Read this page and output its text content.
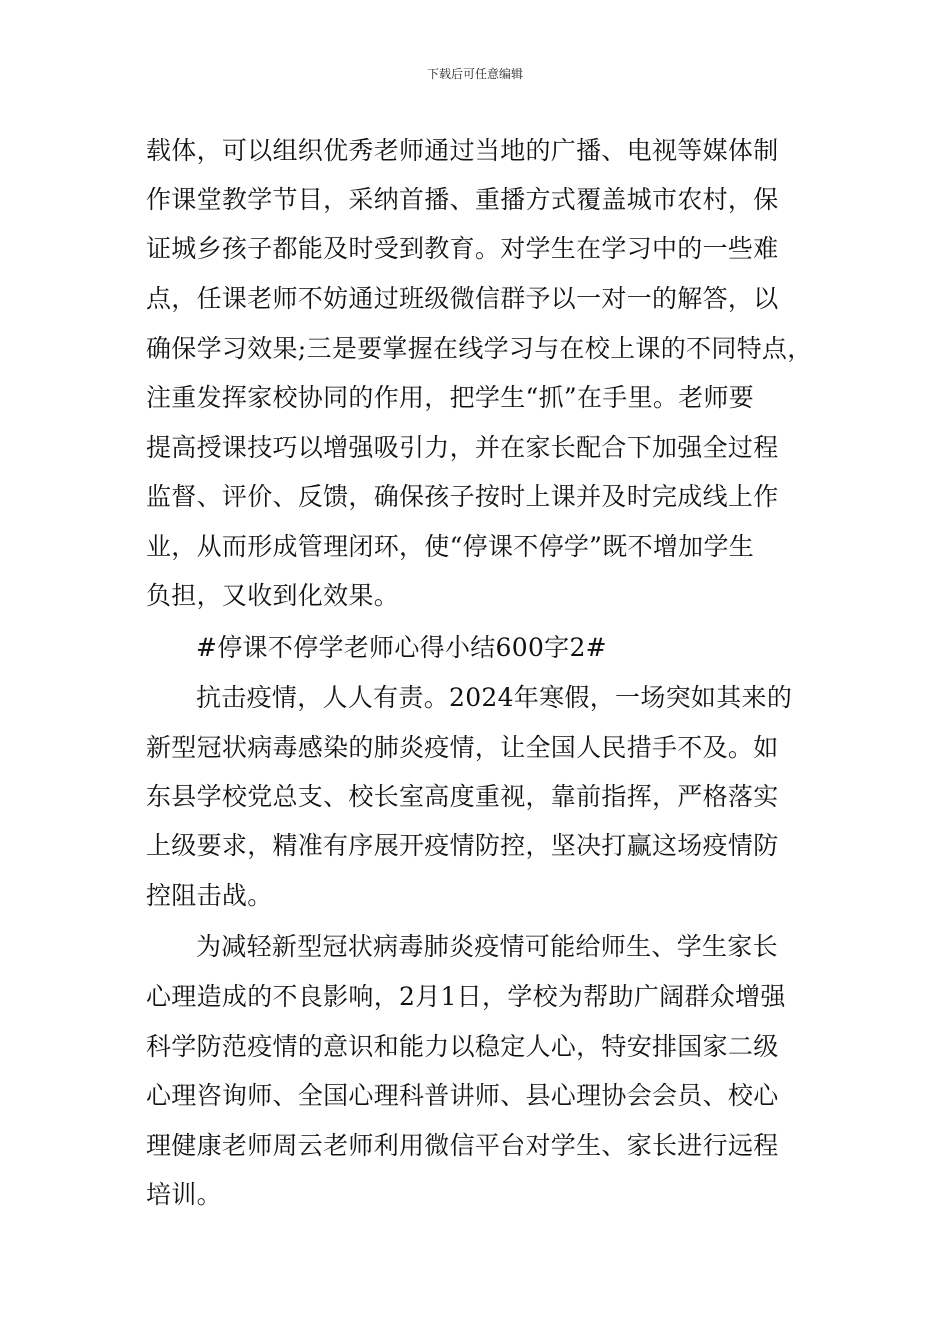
下载后可任意编辑
载体，可以组织优秀老师通过当地的广播、电视等媒体制
作课堂教学节目，采纳首播、重播方式覆盖城市农村，保
证城乡孩子都能及时受到教育。对学生在学习中的一些难
点，任课老师不妨通过班级微信群予以一对一的解答，以
确保学习效果;三是要掌握在线学习与在校上课的不同特点，
注重发挥家校协同的作用，把学生“抓”在手里。老师要
提高授课技巧以增强吸引力，并在家长配合下加强全过程
监督、评价、反馈，确保孩子按时上课并及时完成线上作
业，从而形成管理闭环，使“停课不停学”既不增加学生
负担，又收到化效果。
#停课不停学老师心得小结600字2#
抗击疫情，人人有责。2024年寒假，一场突如其来的
新型冠状病毒感染的肺炎疫情，让全国人民措手不及。如
东县学校党总支、校长室高度重视，靠前指挥，严格落实
上级要求，精准有序展开疫情防控，坚决打赢这场疫情防
控阻击战。
为减轻新型冠状病毒肺炎疫情可能给师生、学生家长
心理造成的不良影响，2月1日，学校为帮助广阔群众增强
科学防范疫情的意识和能力以稳定人心，特安排国家二级
心理咨询师、全国心理科普讲师、县心理协会会员、校心
理健康老师周云老师利用微信平台对学生、家长进行远程
培训。
